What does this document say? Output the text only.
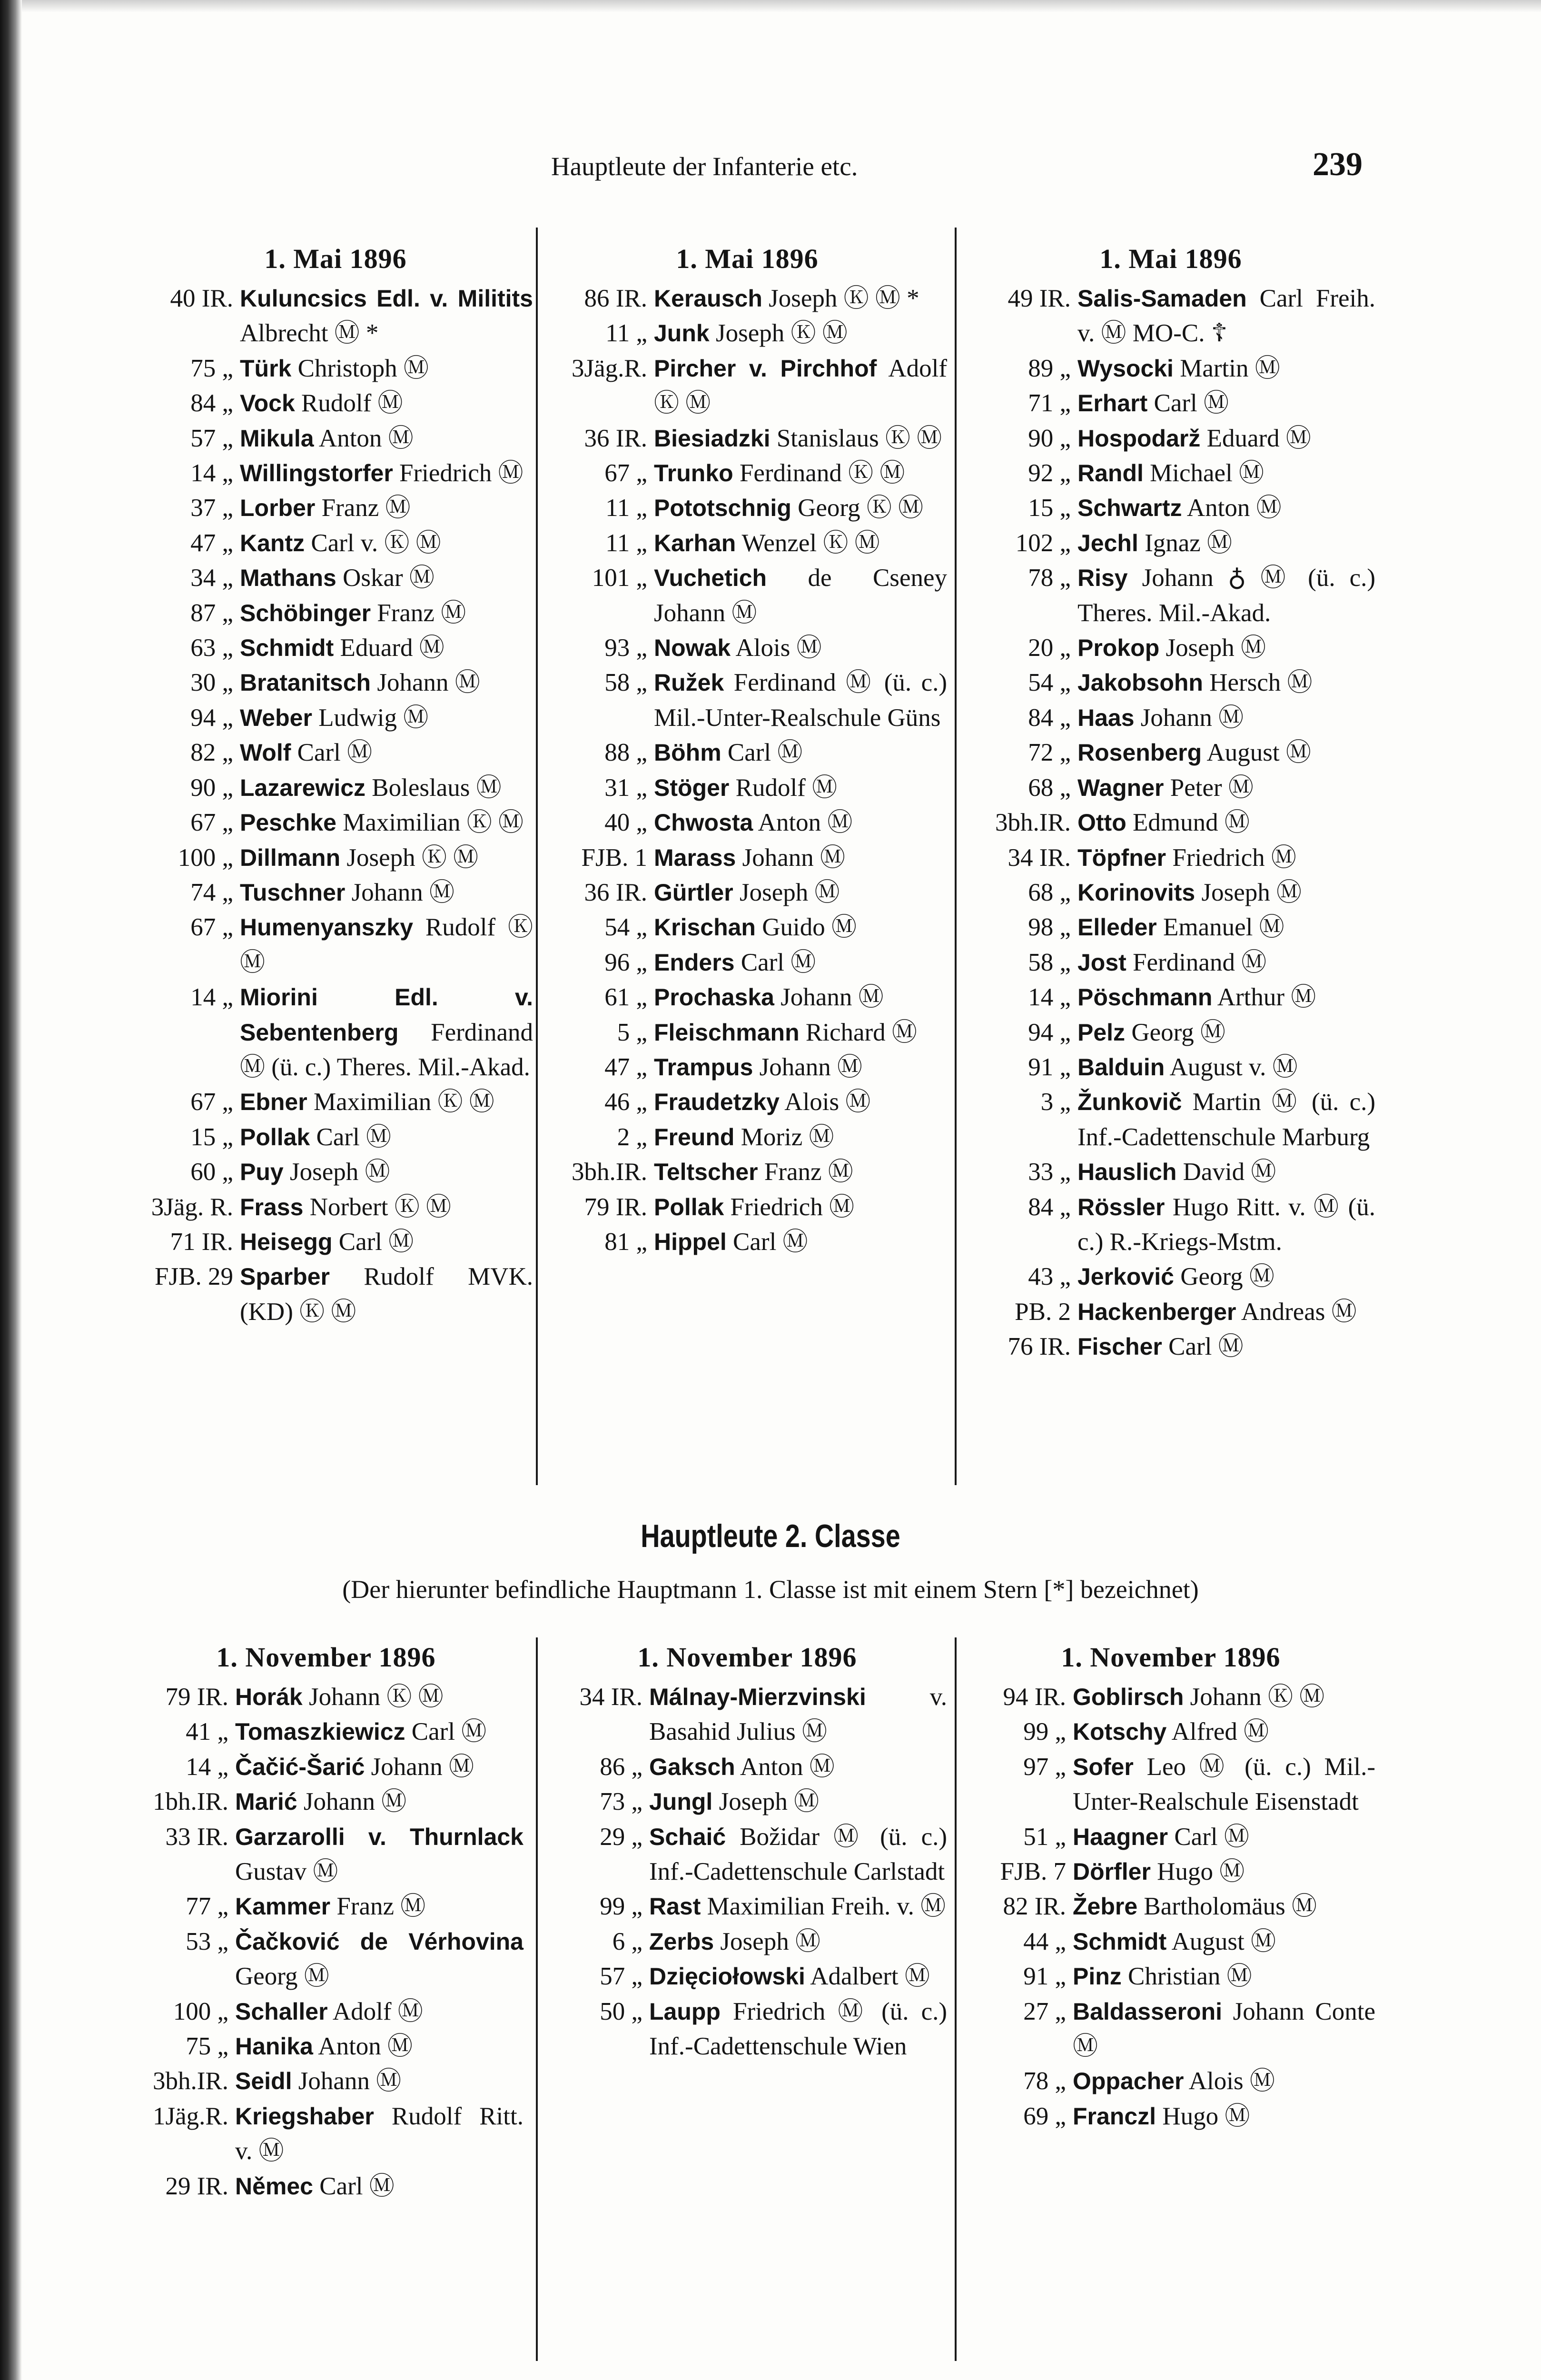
Hauptleute der Infanterie etc.	239
1. Mai 1896
40 IR. Kuluncsics Edl. v. Militits Albrecht Ⓜ *
75 „ Türk Christoph Ⓜ
84 „ Vock Rudolf Ⓜ
57 „ Mikula Anton Ⓜ
14 „ Willingstorfer Friedrich Ⓜ
37 „ Lorber Franz Ⓜ
47 „ Kantz Carl v. Ⓚ Ⓜ
34 „ Mathans Oskar Ⓜ
87 „ Schöbinger Franz Ⓜ
63 „ Schmidt Eduard Ⓜ
30 „ Bratanitsch Johann Ⓜ
94 „ Weber Ludwig Ⓜ
82 „ Wolf Carl Ⓜ
90 „ Lazarewicz Boleslaus Ⓜ
67 „ Peschke Maximilian Ⓚ Ⓜ
100 „ Dillmann Joseph Ⓚ Ⓜ
74 „ Tuschner Johann Ⓜ
67 „ Humenyanszky Rudolf Ⓚ Ⓜ
14 „ Miorini Edl. v. Sebentenberg Ferdinand Ⓜ (ü. c.) Theres. Mil.-Akad.
67 „ Ebner Maximilian Ⓚ Ⓜ
15 „ Pollak Carl Ⓜ
60 „ Puy Joseph Ⓜ
3Jäg. R. Frass Norbert Ⓚ Ⓜ
71 IR. Heisegg Carl Ⓜ
FJB. 29 Sparber Rudolf MVK. (KD) Ⓚ Ⓜ
1. Mai 1896
86 IR. Kerausch Joseph Ⓚ Ⓜ *
11 „ Junk Joseph Ⓚ Ⓜ
3Jäg.R. Pircher v. Pirchhof Adolf Ⓚ Ⓜ
36 IR. Biesiadzki Stanislaus Ⓚ Ⓜ
67 „ Trunko Ferdinand Ⓚ Ⓜ
11 „ Pototschnig Georg Ⓚ Ⓜ
11 „ Karhan Wenzel Ⓚ Ⓜ
101 „ Vuchetich de Cseney Johann Ⓜ
93 „ Nowak Alois Ⓜ
58 „ Ružek Ferdinand Ⓜ (ü. c.) Mil.-Unter-Realschule Güns
88 „ Böhm Carl Ⓜ
31 „ Stöger Rudolf Ⓜ
40 „ Chwosta Anton Ⓜ
FJB. 1 Marass Johann Ⓜ
36 IR. Gürtler Joseph Ⓜ
54 „ Krischan Guido Ⓜ
96 „ Enders Carl Ⓜ
61 „ Prochaska Johann Ⓜ
5 „ Fleischmann Richard Ⓜ
47 „ Trampus Johann Ⓜ
46 „ Fraudetzky Alois Ⓜ
2 „ Freund Moriz Ⓜ
3bh.IR. Teltscher Franz Ⓜ
79 IR. Pollak Friedrich Ⓜ
81 „ Hippel Carl Ⓜ
1. Mai 1896
49 IR. Salis-Samaden Carl Freih. v. Ⓜ MO-C. ☦
89 „ Wysocki Martin Ⓜ
71 „ Erhart Carl Ⓜ
90 „ Hospodarž Eduard Ⓜ
92 „ Randl Michael Ⓜ
15 „ Schwartz Anton Ⓜ
102 „ Jechl Ignaz Ⓜ
78 „ Risy Johann ♁ Ⓜ (ü. c.) Theres. Mil.-Akad.
20 „ Prokop Joseph Ⓜ
54 „ Jakobsohn Hersch Ⓜ
84 „ Haas Johann Ⓜ
72 „ Rosenberg August Ⓜ
68 „ Wagner Peter Ⓜ
3bh.IR. Otto Edmund Ⓜ
34 IR. Töpfner Friedrich Ⓜ
68 „ Korinovits Joseph Ⓜ
98 „ Elleder Emanuel Ⓜ
58 „ Jost Ferdinand Ⓜ
14 „ Pöschmann Arthur Ⓜ
94 „ Pelz Georg Ⓜ
91 „ Balduin August v. Ⓜ
3 „ Žunkovič Martin Ⓜ (ü. c.) Inf.-Cadettenschule Marburg
33 „ Hauslich David Ⓜ
84 „ Rössler Hugo Ritt. v. Ⓜ (ü. c.) R.-Kriegs-Mstm.
43 „ Jerković Georg Ⓜ
PB. 2 Hackenberger Andreas Ⓜ
76 IR. Fischer Carl Ⓜ
Hauptleute 2. Classe
(Der hierunter befindliche Hauptmann 1. Classe ist mit einem Stern [*] bezeichnet)
1. November 1896
79 IR. Horák Johann Ⓚ Ⓜ
41 „ Tomaszkiewicz Carl Ⓜ
14 „ Čačić-Šarić Johann Ⓜ
1bh.IR. Marić Johann Ⓜ
33 IR. Garzarolli v. Thurnlack Gustav Ⓜ
77 „ Kammer Franz Ⓜ
53 „ Čačković de Vérhovina Georg Ⓜ
100 „ Schaller Adolf Ⓜ
75 „ Hanika Anton Ⓜ
3bh.IR. Seidl Johann Ⓜ
1Jäg.R. Kriegshaber Rudolf Ritt. v. Ⓜ
29 IR. Němec Carl Ⓜ
1. November 1896
34 IR. Málnay-Mierzvinski v. Basahid Julius Ⓜ
86 „ Gaksch Anton Ⓜ
73 „ Jungl Joseph Ⓜ
29 „ Schaić Božidar Ⓜ (ü. c.) Inf.-Cadettenschule Carlstadt
99 „ Rast Maximilian Freih. v. Ⓜ
6 „ Zerbs Joseph Ⓜ
57 „ Dzięciołowski Adalbert Ⓜ
50 „ Laupp Friedrich Ⓜ (ü. c.) Inf.-Cadettenschule Wien
1. November 1896
94 IR. Goblirsch Johann Ⓚ Ⓜ
99 „ Kotschy Alfred Ⓜ
97 „ Sofer Leo Ⓜ (ü. c.) Mil.-Unter-Realschule Eisenstadt
51 „ Haagner Carl Ⓜ
FJB. 7 Dörfler Hugo Ⓜ
82 IR. Žebre Bartholomäus Ⓜ
44 „ Schmidt August Ⓜ
91 „ Pinz Christian Ⓜ
27 „ Baldasseroni Johann Conte Ⓜ
78 „ Oppacher Alois Ⓜ
69 „ Franczl Hugo Ⓜ
